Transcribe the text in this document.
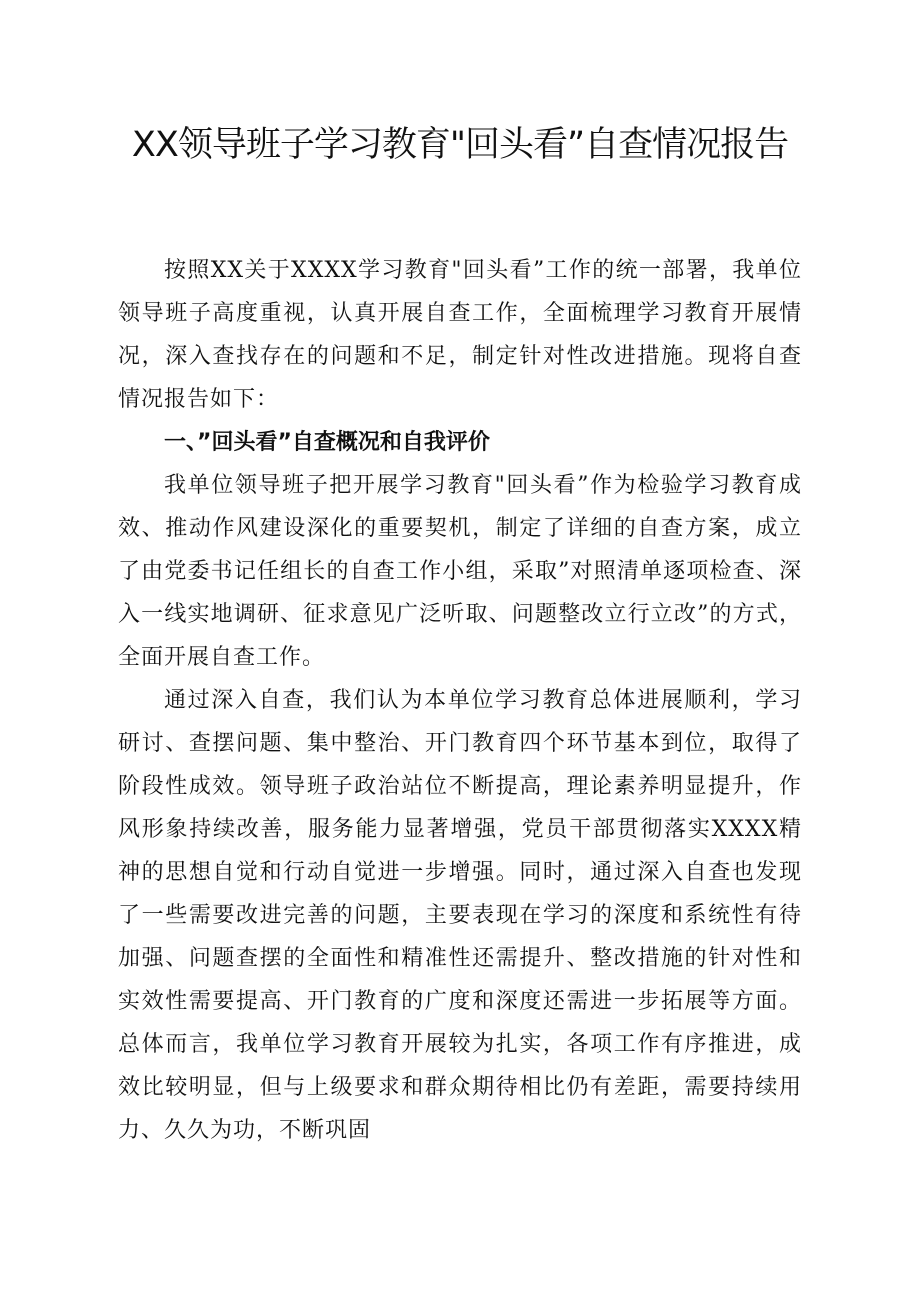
XX领导班子学习教育"回头看”自查情况报告

按照XX关于XXXX学习教育"回头看”工作的统一部署，我单位领导班子高度重视，认真开展自查工作，全面梳理学习教育开展情况，深入查找存在的问题和不足，制定针对性改进措施。现将自查情况报告如下：

一、”回头看”自查概况和自我评价

我单位领导班子把开展学习教育"回头看”作为检验学习教育成效、推动作风建设深化的重要契机，制定了详细的自查方案，成立了由党委书记任组长的自查工作小组，采取”对照清单逐项检查、深入一线实地调研、征求意见广泛听取、问题整改立行立改”的方式，全面开展自查工作。

通过深入自查，我们认为本单位学习教育总体进展顺利，学习研讨、查摆问题、集中整治、开门教育四个环节基本到位，取得了阶段性成效。领导班子政治站位不断提高，理论素养明显提升，作风形象持续改善，服务能力显著增强，党员干部贯彻落实XXXX精神的思想自觉和行动自觉进一步增强。同时，通过深入自查也发现了一些需要改进完善的问题，主要表现在学习的深度和系统性有待加强、问题查摆的全面性和精准性还需提升、整改措施的针对性和实效性需要提高、开门教育的广度和深度还需进一步拓展等方面。总体而言，我单位学习教育开展较为扎实，各项工作有序推进，成效比较明显，但与上级要求和群众期待相比仍有差距，需要持续用力、久久为功，不断巩固
